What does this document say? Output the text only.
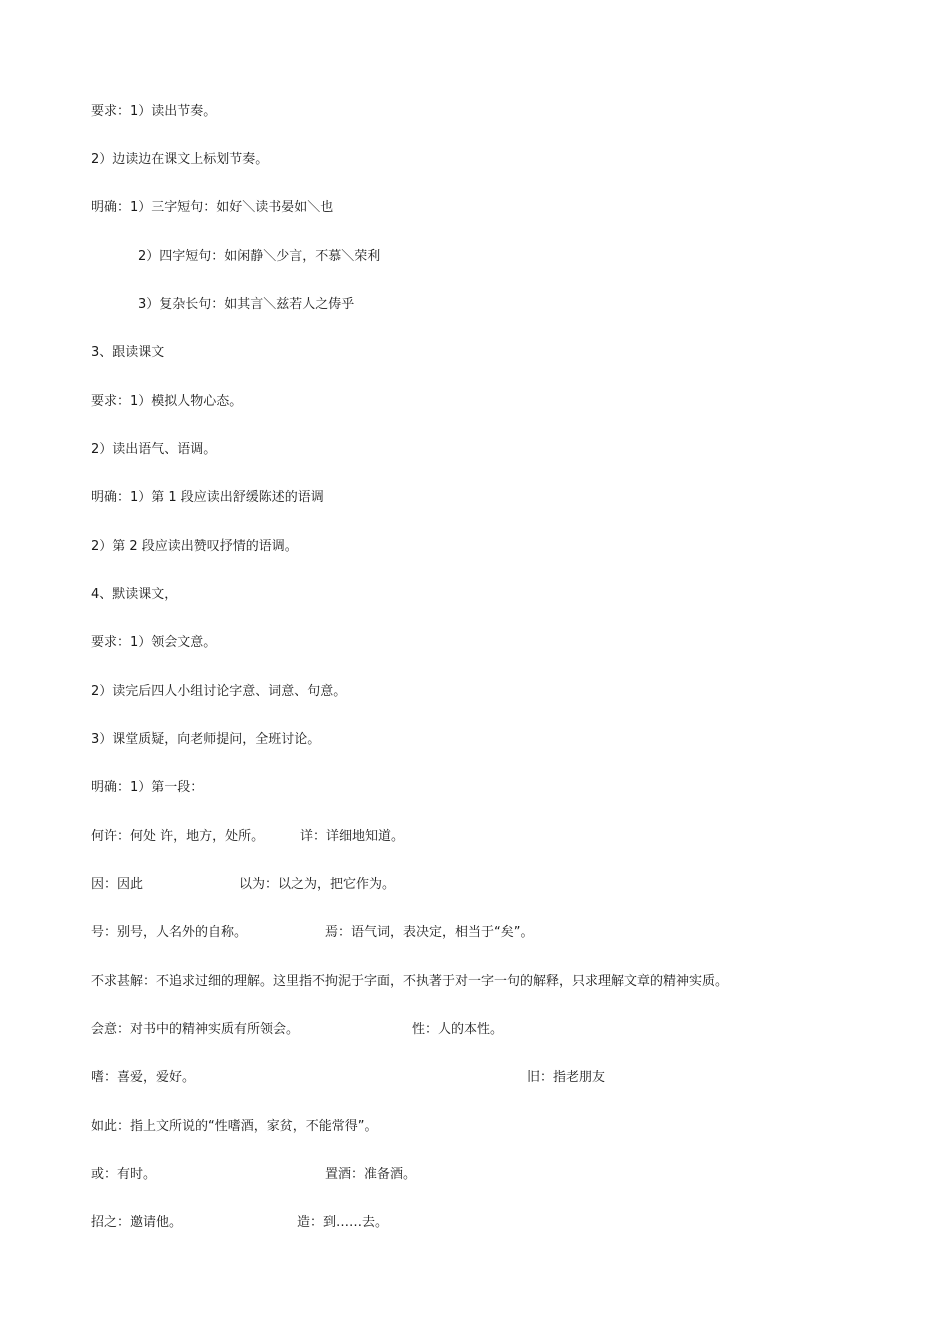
要求：1）读出节奏。
2）边读边在课文上标划节奏。
明确：1）三字短句：如好＼读书晏如＼也
2）四字短句：如闲静＼少言，不慕＼荣利
3）复杂长句：如其言＼兹若人之俦乎
3、跟读课文
要求：1）模拟人物心态。
2）读出语气、语调。
明确：1）第 1 段应读出舒缓陈述的语调
2）第 2 段应读出赞叹抒情的语调。
4、默读课文，
要求：1）领会文意。
2）读完后四人小组讨论字意、词意、句意。
3）课堂质疑，向老师提问，全班讨论。
明确：1）第一段：
何许：何处 许，地方，处所。	详：详细地知道。
因：因此	以为：以之为，把它作为。
号：别号，人名外的自称。	焉：语气词，表决定，相当于“矣”。
不求甚解：不追求过细的理解。这里指不拘泥于字面，不执著于对一字一句的解释，只求理解文章的精神实质。
会意：对书中的精神实质有所领会。	性：人的本性。
嗜：喜爱，爱好。	旧：指老朋友
如此：指上文所说的“性嗜酒，家贫，不能常得”。
或：有时。	置酒：准备酒。
招之：邀请他。	造：到……去。
